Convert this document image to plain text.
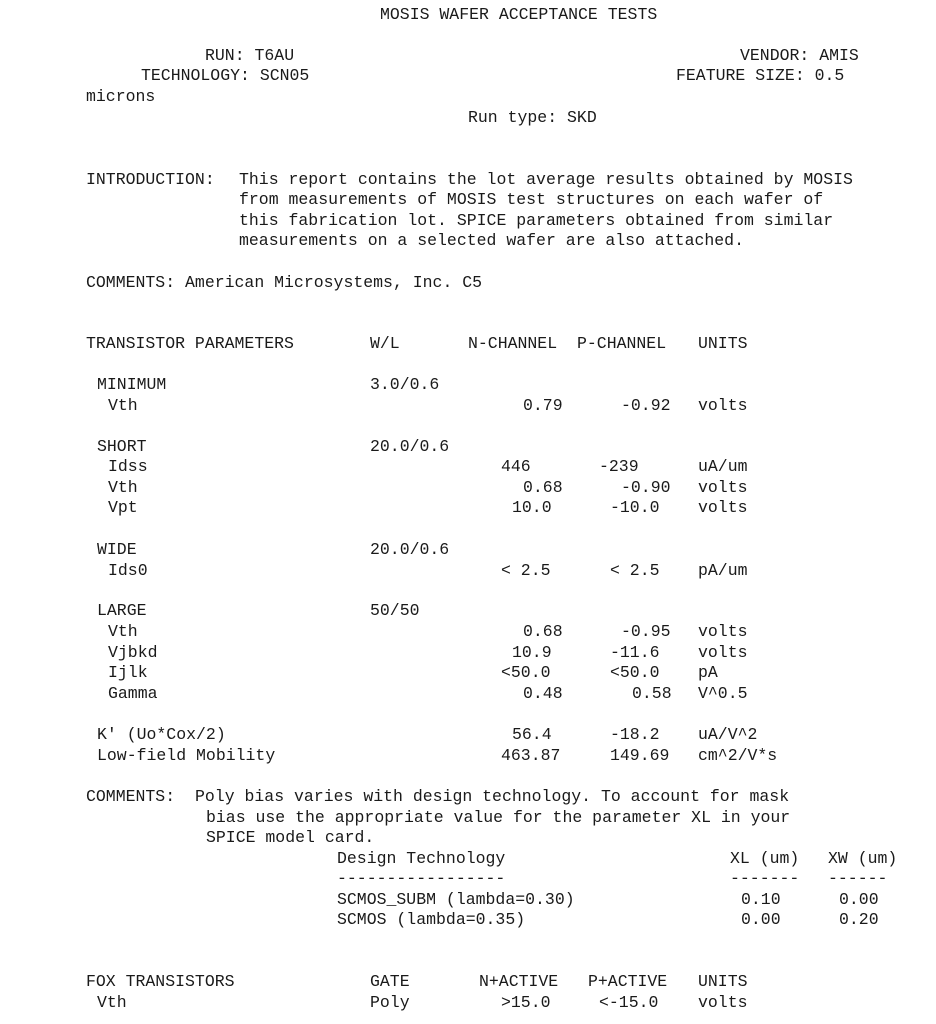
MOSIS WAFER ACCEPTANCE TESTS
RUN: T6AU	VENDOR: AMIS
TECHNOLOGY: SCN05	FEATURE SIZE: 0.5
microns
Run type: SKD
INTRODUCTION: This report contains the lot average results obtained by MOSIS
from measurements of MOSIS test structures on each wafer of
this fabrication lot. SPICE parameters obtained from similar
measurements on a selected wafer are also attached.
COMMENTS: American Microsystems, Inc. C5
TRANSISTOR PARAMETERS	W/L	N-CHANNEL P-CHANNEL UNITS
MINIMUM	3.0/0.6
Vth	0.79	-0.92 volts
SHORT	20.0/0.6
Idss	446	-239	uA/um
Vth	0.68	-0.90 volts
Vpt	10.0	-10.0 volts
WIDE	20.0/0.6
Ids0	< 2.5	< 2.5 pA/um
LARGE	50/50
Vth	0.68	-0.95 volts
Vjbkd	10.9	-11.6 volts
Ijlk	<50.0	<50.0 pA
Gamma	0.48	0.58 V^0.5
K' (Uo*Cox/2)	56.4	-18.2 uA/V^2
Low-field Mobility	463.87	149.69 cm^2/V*s
COMMENTS: Poly bias varies with design technology. To account for mask
bias use the appropriate value for the parameter XL in your
SPICE model card.
Design Technology	XL (um) XW (um)
-----------------	------- ------
SCMOS_SUBM (lambda=0.30)	0.10	0.00
SCMOS (lambda=0.35)	0.00	0.20
FOX TRANSISTORS	GATE	N+ACTIVE P+ACTIVE UNITS
Vth	Poly	>15.0	<-15.0 volts
